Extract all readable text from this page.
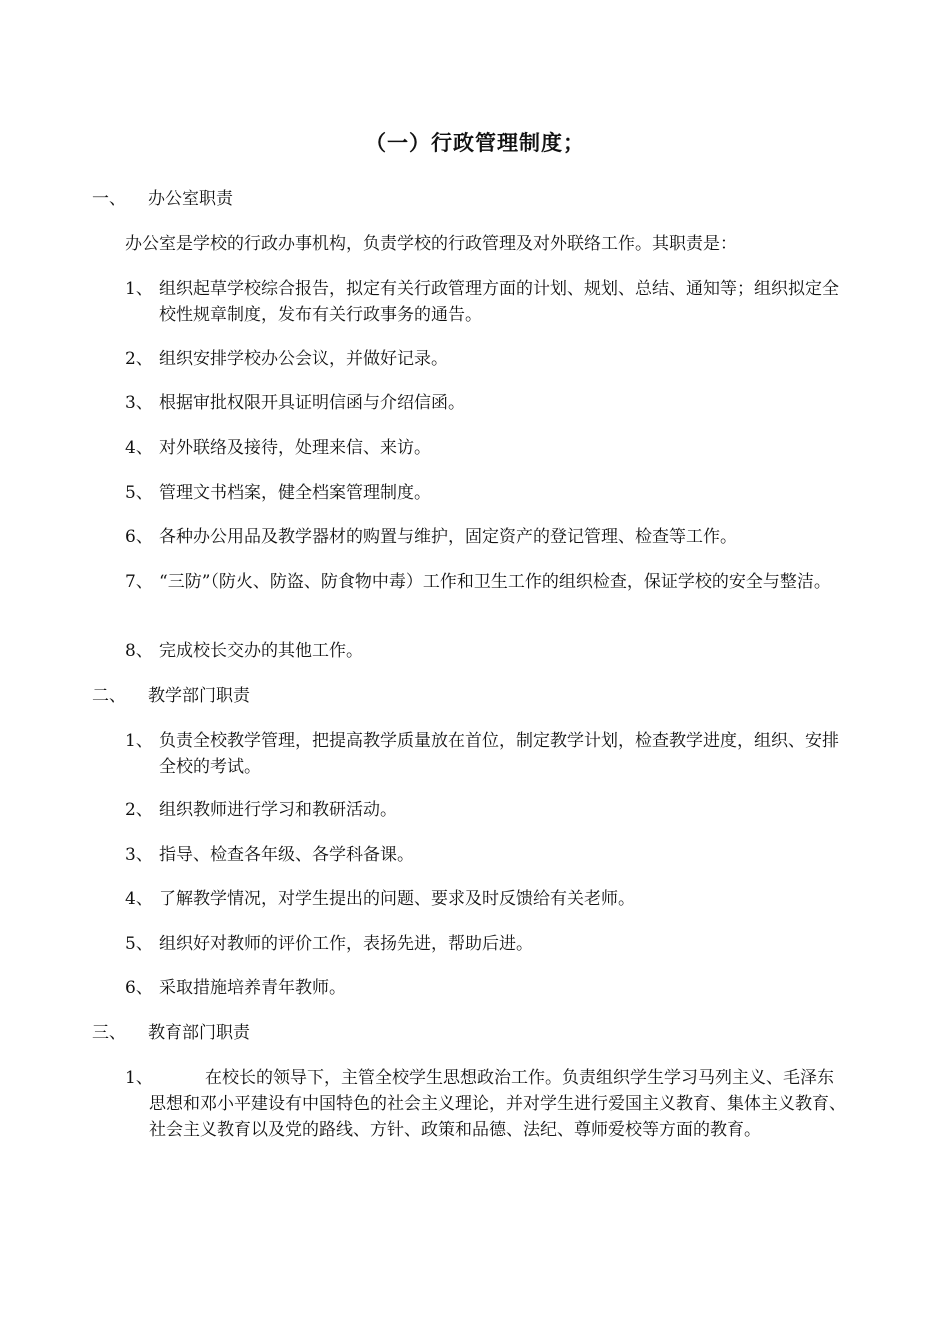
（一）行政管理制度；
一、 办公室职责
办公室是学校的行政办事机构，负责学校的行政管理及对外联络工作。其职责是：
1、 组织起草学校综合报告，拟定有关行政管理方面的计划、规划、总结、通知等；组织拟定全校性规章制度，发布有关行政事务的通告。
2、 组织安排学校办公会议，并做好记录。
3、 根据审批权限开具证明信函与介绍信函。
4、 对外联络及接待，处理来信、来访。
5、 管理文书档案，健全档案管理制度。
6、 各种办公用品及教学器材的购置与维护，固定资产的登记管理、检查等工作。
7、 “三防”（防火、防盗、防食物中毒）工作和卫生工作的组织检查，保证学校的安全与整洁。
8、 完成校长交办的其他工作。
二、 教学部门职责
1、 负责全校教学管理，把提高教学质量放在首位，制定教学计划，检查教学进度，组织、安排全校的考试。
2、 组织教师进行学习和教研活动。
3、 指导、检查各年级、各学科备课。
4、 了解教学情况，对学生提出的问题、要求及时反馈给有关老师。
5、 组织好对教师的评价工作，表扬先进，帮助后进。
6、 采取措施培养青年教师。
三、 教育部门职责
1、	在校长的领导下，主管全校学生思想政治工作。负责组织学生学习马列主义、毛泽东思想和邓小平建设有中国特色的社会主义理论，并对学生进行爱国主义教育、集体主义教育、社会主义教育以及党的路线、方针、政策和品德、法纪、尊师爱校等方面的教育。
